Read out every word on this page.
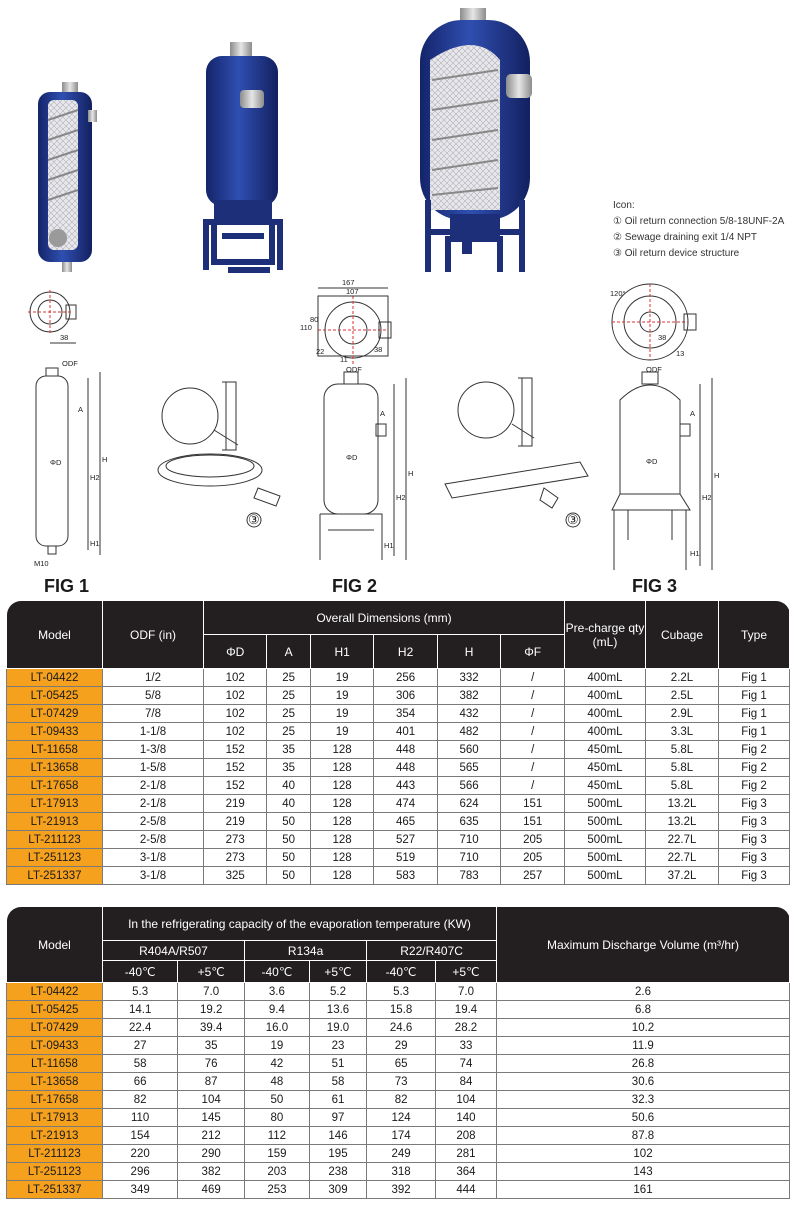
38
ODF
ΦD
A
H
H2
H1
M10
167
107
110
80
22
11
38
ODF
ΦD
A
H
H2
H1
120°
38
13
ODF
ΦD
A
H
H2
H1
③	③
FIG 1	FIG 2	FIG 3
Icon:
① Oil return connection 5/8-18UNF-2A
② Sewage draining exit 1/4 NPT
③ Oil return device structure
Model	ODF (in)	Overall Dimensions (mm)						Pre-charge qty (mL)	Cubage	Type
		ΦD	A	H1	H2	H	ΦF			
LT-04422	1/2	102	25	19	256	332	/	400mL	2.2L	Fig 1
LT-05425	5/8	102	25	19	306	382	/	400mL	2.5L	Fig 1
LT-07429	7/8	102	25	19	354	432	/	400mL	2.9L	Fig 1
LT-09433	1-1/8	102	25	19	401	482	/	400mL	3.3L	Fig 1
LT-11658	1-3/8	152	35	128	448	560	/	450mL	5.8L	Fig 2
LT-13658	1-5/8	152	35	128	448	565	/	450mL	5.8L	Fig 2
LT-17658	2-1/8	152	40	128	443	566	/	450mL	5.8L	Fig 2
LT-17913	2-1/8	219	40	128	474	624	151	500mL	13.2L	Fig 3
LT-21913	2-5/8	219	50	128	465	635	151	500mL	13.2L	Fig 3
LT-211123	2-5/8	273	50	128	527	710	205	500mL	22.7L	Fig 3
LT-251123	3-1/8	273	50	128	519	710	205	500mL	22.7L	Fig 3
LT-251337	3-1/8	325	50	128	583	783	257	500mL	37.2L	Fig 3
Model	In the refrigerating capacity of the evaporation temperature (KW)						Maximum Discharge Volume (m³/hr)
	R404A/R507		R134a		R22/R407C		
	-40℃	+5℃	-40℃	+5℃	-40℃	+5℃	
LT-04422	5.3	7.0	3.6	5.2	5.3	7.0	2.6
LT-05425	14.1	19.2	9.4	13.6	15.8	19.4	6.8
LT-07429	22.4	39.4	16.0	19.0	24.6	28.2	10.2
LT-09433	27	35	19	23	29	33	11.9
LT-11658	58	76	42	51	65	74	26.8
LT-13658	66	87	48	58	73	84	30.6
LT-17658	82	104	50	61	82	104	32.3
LT-17913	110	145	80	97	124	140	50.6
LT-21913	154	212	112	146	174	208	87.8
LT-211123	220	290	159	195	249	281	102
LT-251123	296	382	203	238	318	364	143
LT-251337	349	469	253	309	392	444	161
